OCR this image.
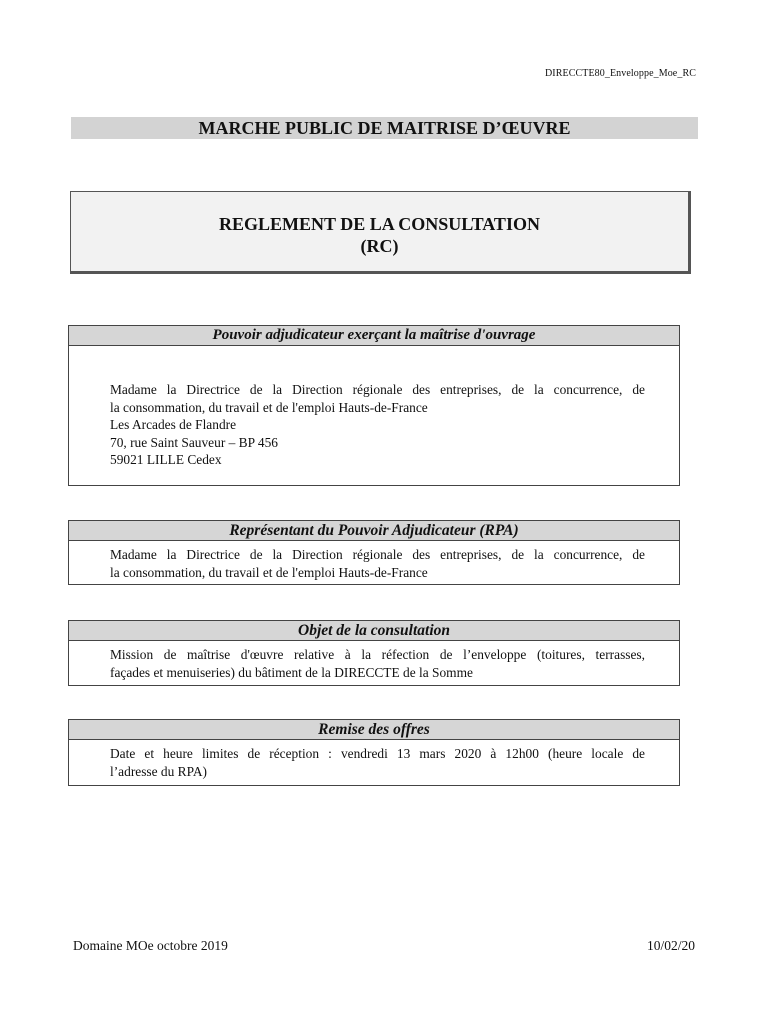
DIRECCTE80_Enveloppe_Moe_RC
MARCHE PUBLIC DE MAITRISE D’ŒUVRE
REGLEMENT DE LA CONSULTATION
(RC)
Pouvoir adjudicateur exerçant la maîtrise d'ouvrage
Madame la Directrice de la Direction régionale des entreprises, de la concurrence, de
la consommation, du travail et de l'emploi Hauts-de-France
Les Arcades de Flandre
70, rue Saint Sauveur – BP 456
59021 LILLE Cedex
Représentant du Pouvoir Adjudicateur (RPA)
Madame la Directrice de la Direction régionale des entreprises, de la concurrence, de
la consommation, du travail et de l'emploi Hauts-de-France
Objet de la consultation
Mission de maîtrise d'œuvre relative à la réfection de l’enveloppe (toitures, terrasses,
façades et menuiseries) du bâtiment de la DIRECCTE de la Somme
Remise des offres
Date et heure limites de réception : vendredi 13 mars 2020 à 12h00 (heure locale de
l’adresse du RPA)
Domaine MOe octobre 2019	10/02/20
